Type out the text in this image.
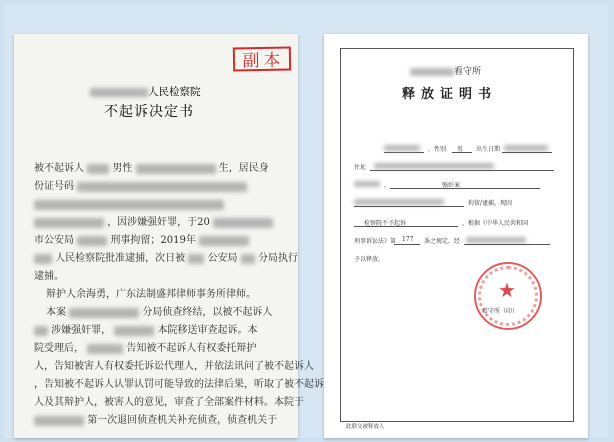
副本
人民检察院
不起诉决定书
被不起诉人	男性	生，居民身
份证号码
，因涉嫌强奸罪，于20
市公安局	刑事拘留；2019年
人民检察院批准逮捕，次日被 公安局 分局执行
逮捕。
辩护人余海勇，广东法制盛邦律师事务所律师。
本案	分局侦查终结，以被不起诉人
涉嫌强奸罪，	本院移送审查起诉。本
院受理后，	告知被不起诉人有权委托辩护
人，告知被害人有权委托诉讼代理人，并依法讯问了被不起诉人
，告知被不起诉人认罪认罚可能导致的法律后果，听取了被不起诉
人及其辩护人，被害人的意见，审查了全部案件材料。本院于
第一次退回侦查机关补充侦查，侦查机关于
看守所
释放证明书
，性别 男 出生日期
住址
，	强奸案
拘留/逮捕。现因
检察院不予起诉	，根据《中华人民共和国
刑事诉讼法》第 177 条之规定，经
予以释放。
★
看守所（印）
此联交被释放人
